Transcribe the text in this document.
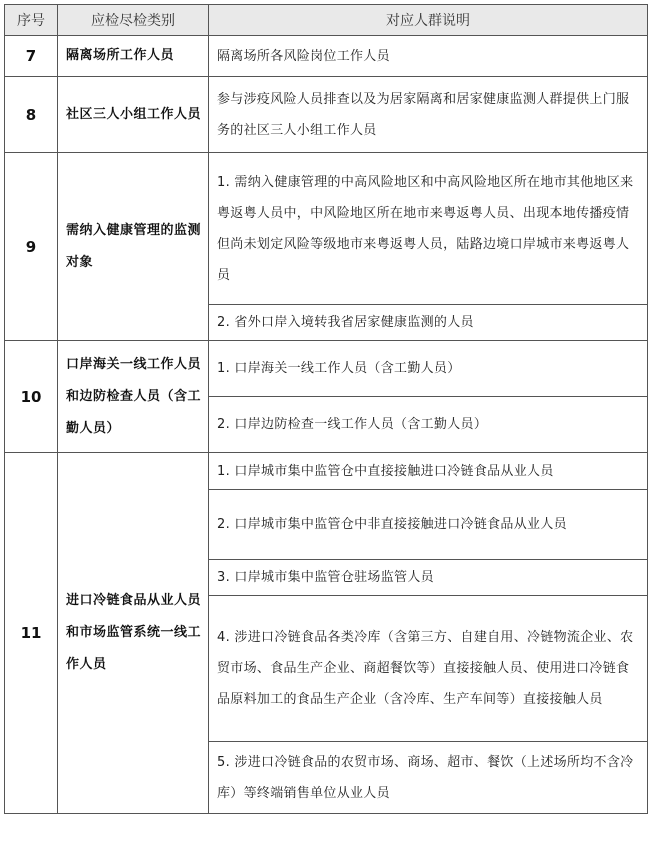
序号	应检尽检类别	对应人群说明
7	隔离场所工作人员	隔离场所各风险岗位工作人员
8	社区三人小组工作人员	参与涉疫风险人员排查以及为居家隔离和居家健康监测人群提供上门服务的社区三人小组工作人员
9	需纳入健康管理的监测对象	1. 需纳入健康管理的中高风险地区和中高风险地区所在地市其他地区来粤返粤人员中，中风险地区所在地市来粤返粤人员、出现本地传播疫情但尚未划定风险等级地市来粤返粤人员，陆路边境口岸城市来粤返粤人员
		2. 省外口岸入境转我省居家健康监测的人员
10	口岸海关一线工作人员和边防检查人员（含工勤人员）	1. 口岸海关一线工作人员（含工勤人员）
		2. 口岸边防检查一线工作人员（含工勤人员）
11	进口冷链食品从业人员和市场监管系统一线工作人员	1. 口岸城市集中监管仓中直接接触进口冷链食品从业人员
		2. 口岸城市集中监管仓中非直接接触进口冷链食品从业人员
		3. 口岸城市集中监管仓驻场监管人员
		4. 涉进口冷链食品各类冷库（含第三方、自建自用、冷链物流企业、农贸市场、食品生产企业、商超餐饮等）直接接触人员、使用进口冷链食品原料加工的食品生产企业（含冷库、生产车间等）直接接触人员
		5. 涉进口冷链食品的农贸市场、商场、超市、餐饮（上述场所均不含冷库）等终端销售单位从业人员
